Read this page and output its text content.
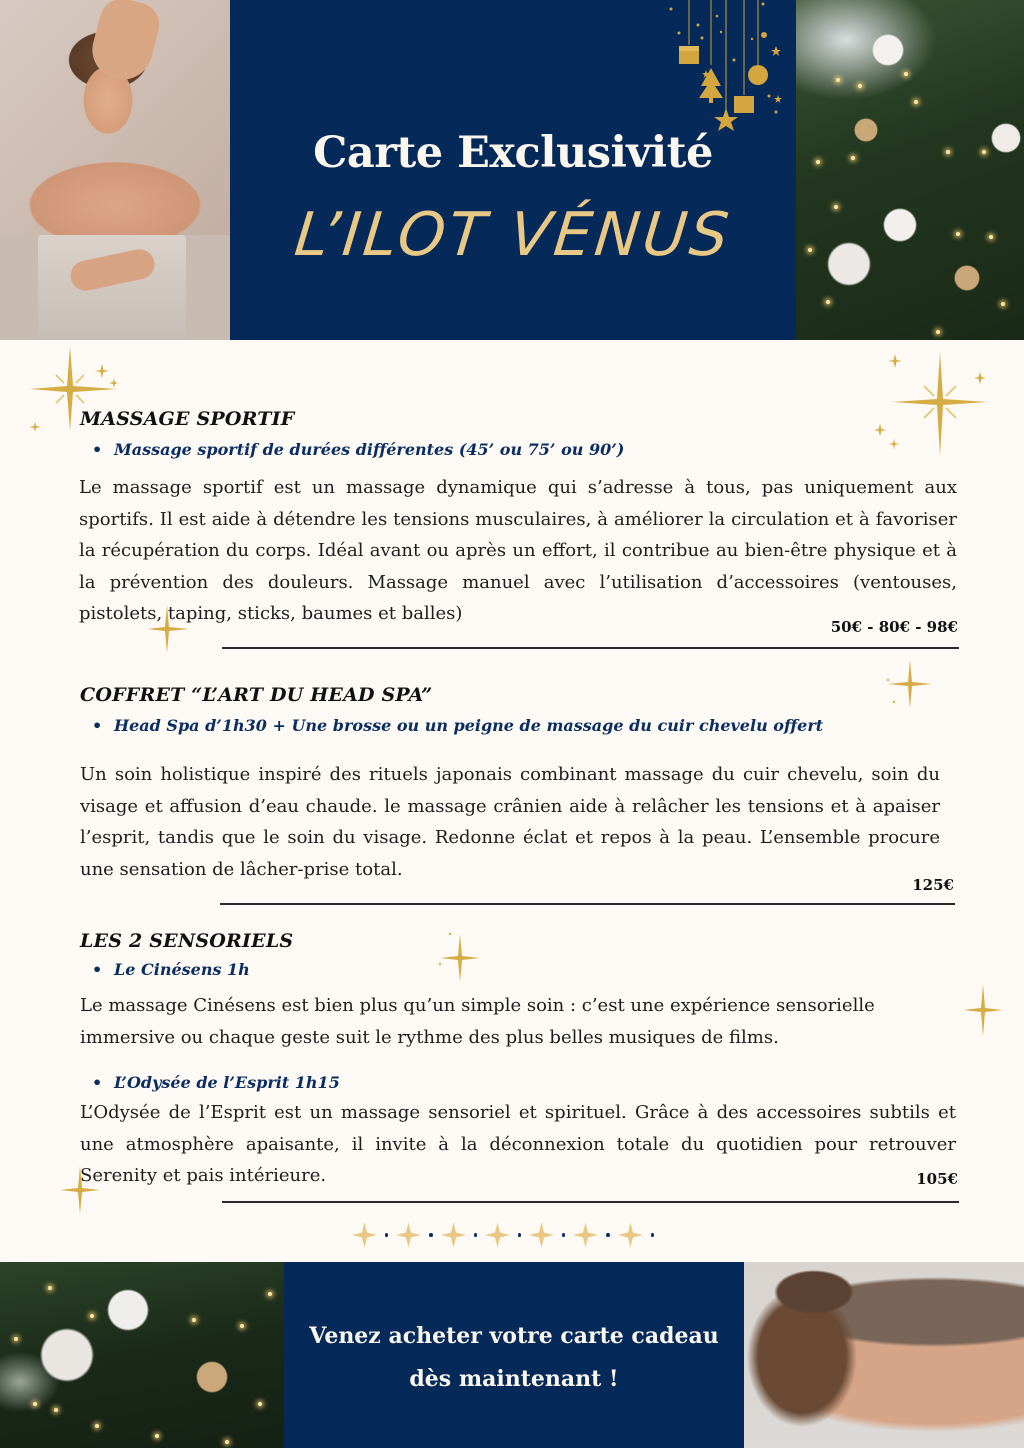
Carte Exclusivité
L’ILOT VÉNUS
MASSAGE SPORTIF
• Massage sportif de durées différentes (45’ ou 75’ ou 90’)
Le massage sportif est un massage dynamique qui s’adresse à tous, pas uniquement aux sportifs. Il est aide à détendre les tensions musculaires, à améliorer la circulation et à favoriser la récupération du corps. Idéal avant ou après un effort, il contribue au bien-être physique et à la prévention des douleurs. Massage manuel avec l’utilisation d’accessoires (ventouses, pistolets, taping, sticks, baumes et balles)
50€ - 80€ - 98€
COFFRET “L’ART DU HEAD SPA”
• Head Spa d’1h30 + Une brosse ou un peigne de massage du cuir chevelu offert
Un soin holistique inspiré des rituels japonais combinant massage du cuir chevelu, soin du visage et affusion d’eau chaude. le massage crânien aide à relâcher les tensions et à apaiser l’esprit, tandis que le soin du visage. Redonne éclat et repos à la peau. L’ensemble procure une sensation de lâcher-prise total.
125€
LES 2 SENSORIELS
• Le Cinésens 1h
Le massage Cinésens est bien plus qu’un simple soin : c’est une expérience sensorielle immersive ou chaque geste suit le rythme des plus belles musiques de films.
• L’Odysée de l’Esprit 1h15
L’Odysée de l’Esprit est un massage sensoriel et spirituel. Grâce à des accessoires subtils et une atmosphère apaisante, il invite à la déconnexion totale du quotidien pour retrouver Serenity et pais intérieure.	105€
Venez acheter votre carte cadeau
dès maintenant !
